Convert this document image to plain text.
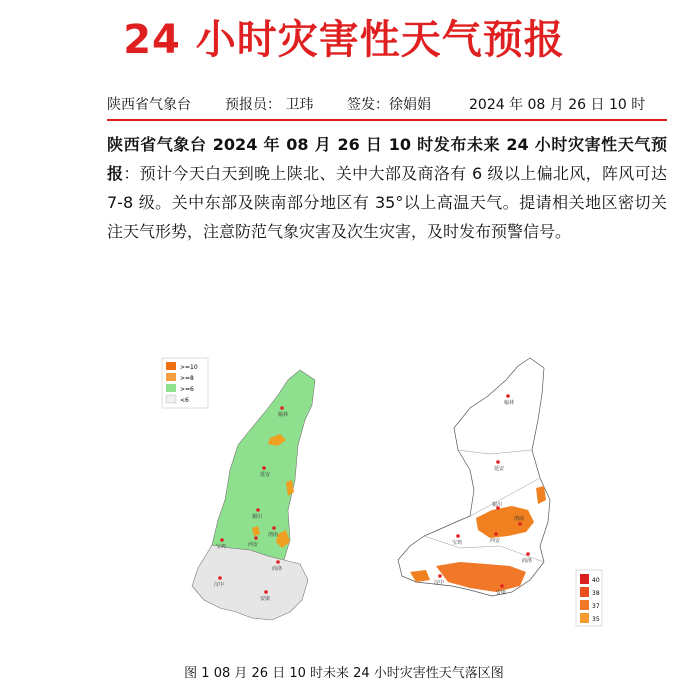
24 小时灾害性天气预报
陕西省气象台 预报员： 卫玮 签发：徐娟娟	2024 年 08 月 26 日 10 时
陕西省气象台 2024 年 08 月 26 日 10 时发布未来 24 小时灾害性天气预报：预计今天白天到晚上陕北、关中大部及商洛有 6 级以上偏北风，阵风可达 7-8 级。关中东部及陕南部分地区有 35°以上高温天气。提请相关地区密切关注天气形势，注意防范气象灾害及次生灾害，及时发布预警信号。
>=10
>=8
>=6
<6
榆林
延安
铜川
宝鸡	西安
渭南
汉中
安康
商洛
榆林
延安
铜川
宝鸡	西安
渭南
商洛
汉中
安康
40
38
37
35
图 1 08 月 26 日 10 时未来 24 小时灾害性天气落区图
